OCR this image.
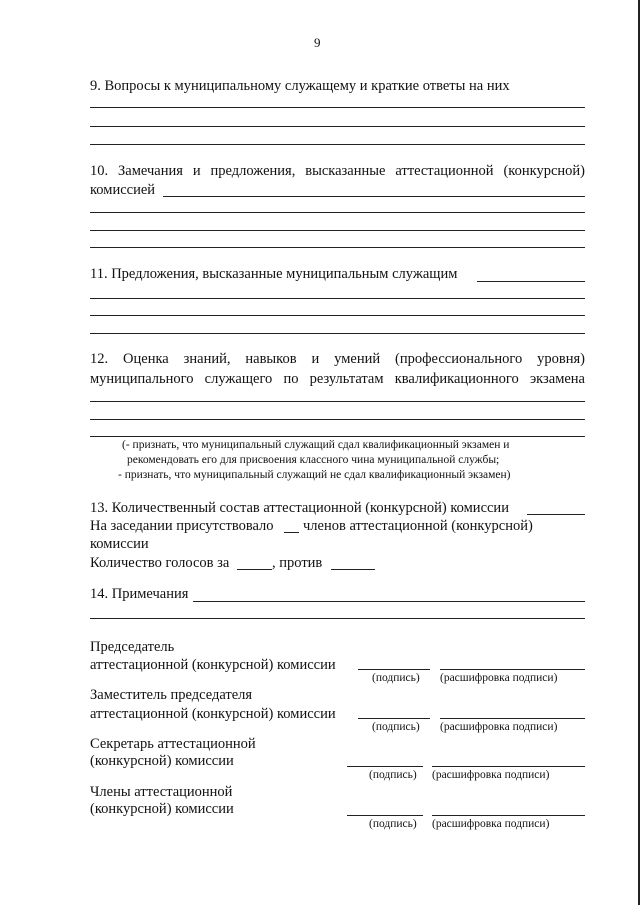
9
9. Вопросы к муниципальному служащему и краткие ответы на них
10. Замечания и предложения, высказанные аттестационной (конкурсной)
комиссией
11. Предложения, высказанные муниципальным служащим
12. Оценка знаний, навыков и умений (профессионального уровня)
муниципального служащего по результатам квалификационного экзамена
(- признать, что муниципальный служащий сдал квалификационный экзамен и
рекомендовать его для присвоения классного чина муниципальной службы;
- признать, что муниципальный служащий не сдал квалификационный экзамен)
13. Количественный состав аттестационной (конкурсной) комиссии
На заседании присутствовало членов аттестационной (конкурсной)
комиссии
Количество голосов за	, против
14. Примечания
Председатель
аттестационной (конкурсной) комиссии
(подпись) (расшифровка подписи)
Заместитель председателя
аттестационной (конкурсной) комиссии
(подпись) (расшифровка подписи)
Секретарь аттестационной
(конкурсной) комиссии
(подпись) (расшифровка подписи)
Члены аттестационной
(конкурсной) комиссии
(подпись) (расшифровка подписи)
